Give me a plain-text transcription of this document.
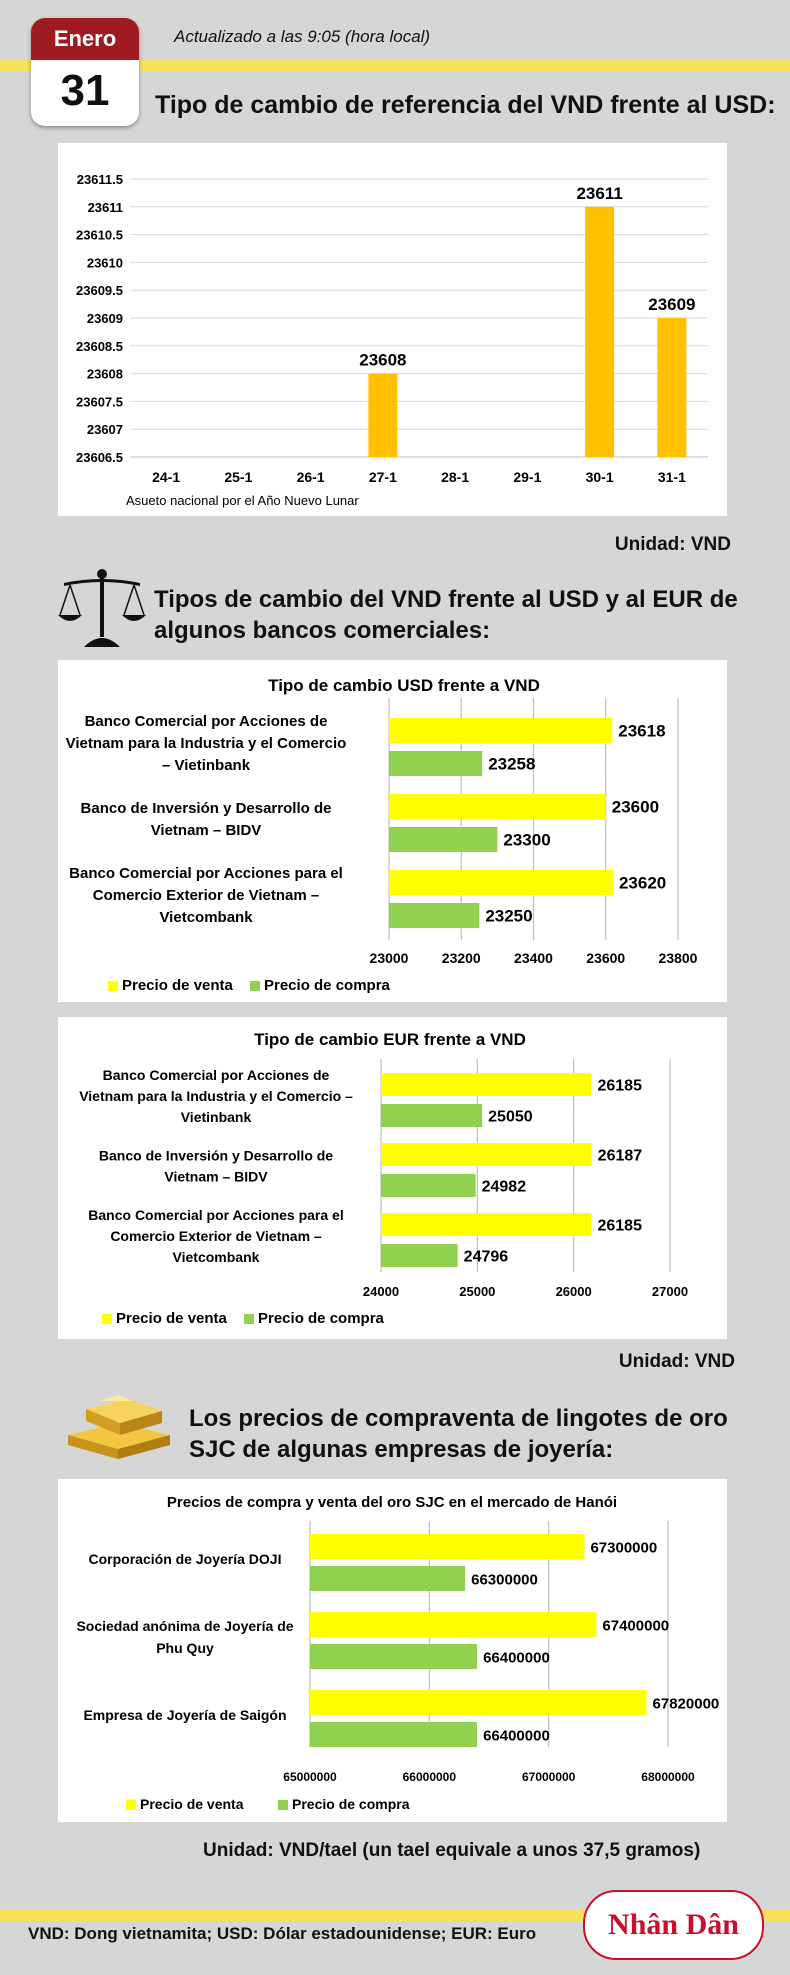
Enero
31
Actualizado a las 9:05 (hora local)
Tipo de cambio de referencia del VND frente al USD:
23606.5
23607
23607.5
23608
23608.5
23609
23609.5
23610
23610.5
23611
23611.5
24-1	25-1	26-1	27-1
23608
28-1	29-1	30-1
23611
31-1
23609
Asueto nacional por el Año Nuevo Lunar
Unidad: VND
Tipos de cambio del VND frente al USD y al EUR de
algunos bancos comerciales:
Tipo de cambio USD frente a VND
23000 23200 23400 23600 23800
Banco Comercial por Acciones de
Vietnam para la Industria y el Comercio
– Vietinbank
23618
23258
Banco de Inversión y Desarrollo de
Vietnam – BIDV
23600
23300
Banco Comercial por Acciones para el
Comercio Exterior de Vietnam –
Vietcombank
23620
23250
Precio de venta Precio de compra
Tipo de cambio EUR frente a VND
24000	25000	26000	27000
Banco Comercial por Acciones de
Vietnam para la Industria y el Comercio –
Vietinbank
26185
25050
Banco de Inversión y Desarrollo de
Vietnam – BIDV
26187
24982
Banco Comercial por Acciones para el
Comercio Exterior de Vietnam –
Vietcombank
26185
24796
Precio de venta Precio de compra
Unidad: VND
Los precios de compraventa de lingotes de oro
SJC de algunas empresas de joyería:
Precios de compra y venta del oro SJC en el mercado de Hanói
65000000	66000000	67000000	68000000
Corporación de Joyería DOJI
67300000
66300000
Sociedad anónima de Joyería de
Phu Quy
67400000
66400000
Empresa de Joyería de Saigón
67820000
66400000
Precio de venta	Precio de compra
Unidad: VND/tael (un tael equivale a unos 37,5 gramos)
VND: Dong vietnamita; USD: Dólar estadounidense; EUR: Euro	Nhân Dân
